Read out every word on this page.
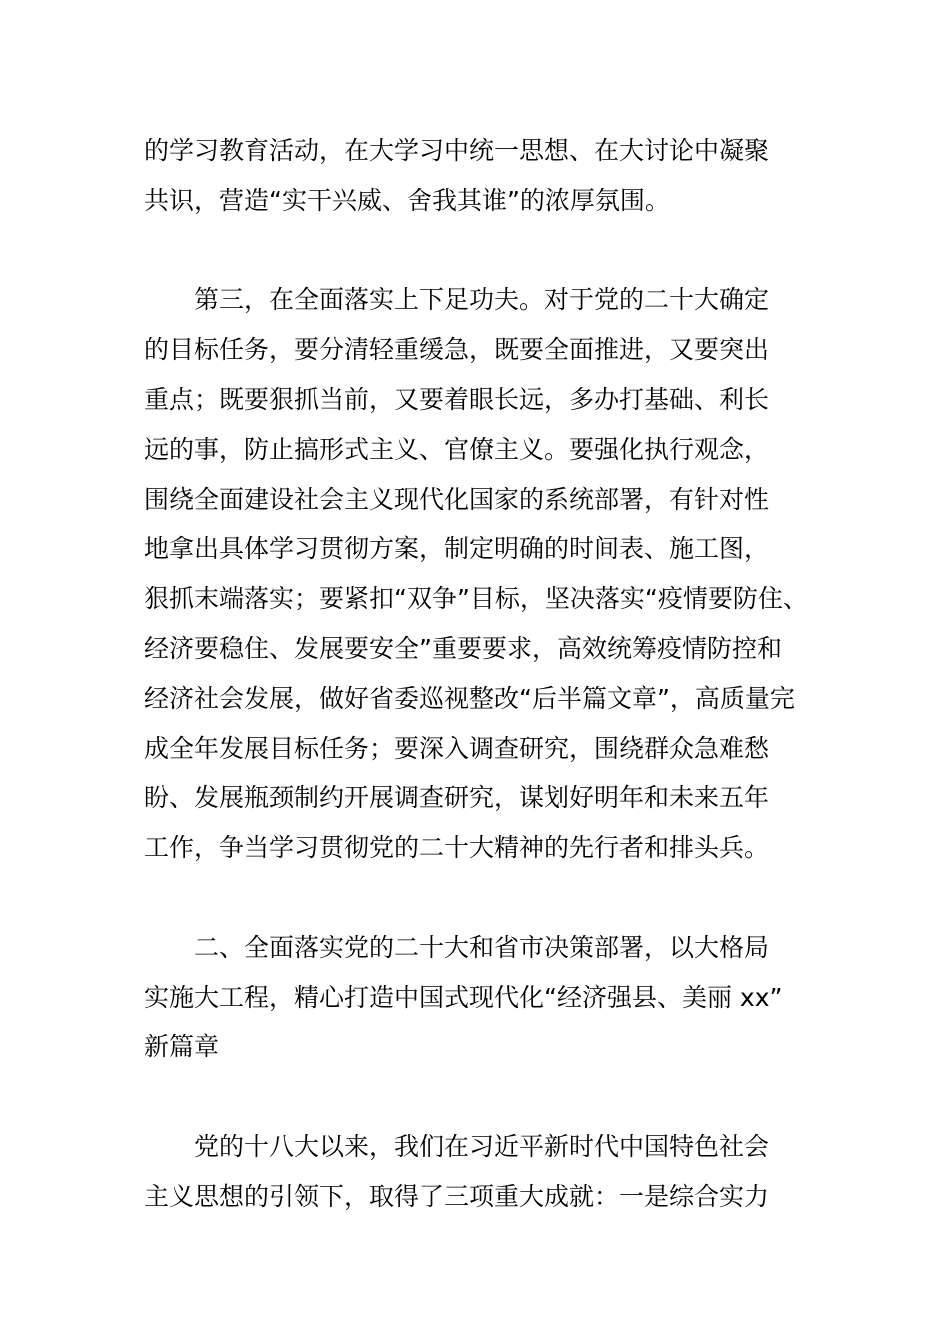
的学习教育活动，在大学习中统一思想、在大讨论中凝聚
共识，营造“实干兴威、舍我其谁”的浓厚氛围。
第三，在全面落实上下足功夫。对于党的二十大确定
的目标任务，要分清轻重缓急，既要全面推进，又要突出
重点；既要狠抓当前，又要着眼长远，多办打基础、利长
远的事，防止搞形式主义、官僚主义。要强化执行观念，
围绕全面建设社会主义现代化国家的系统部署，有针对性
地拿出具体学习贯彻方案，制定明确的时间表、施工图，
狠抓末端落实；要紧扣“双争”目标，坚决落实“疫情要防住、
经济要稳住、发展要安全”重要要求，高效统筹疫情防控和
经济社会发展，做好省委巡视整改“后半篇文章”，高质量完
成全年发展目标任务；要深入调查研究，围绕群众急难愁
盼、发展瓶颈制约开展调查研究，谋划好明年和未来五年
工作，争当学习贯彻党的二十大精神的先行者和排头兵。
二、全面落实党的二十大和省市决策部署，以大格局
实施大工程，精心打造中国式现代化“经济强县、美丽 xx”
新篇章
党的十八大以来，我们在习近平新时代中国特色社会
主义思想的引领下，取得了三项重大成就：一是综合实力
